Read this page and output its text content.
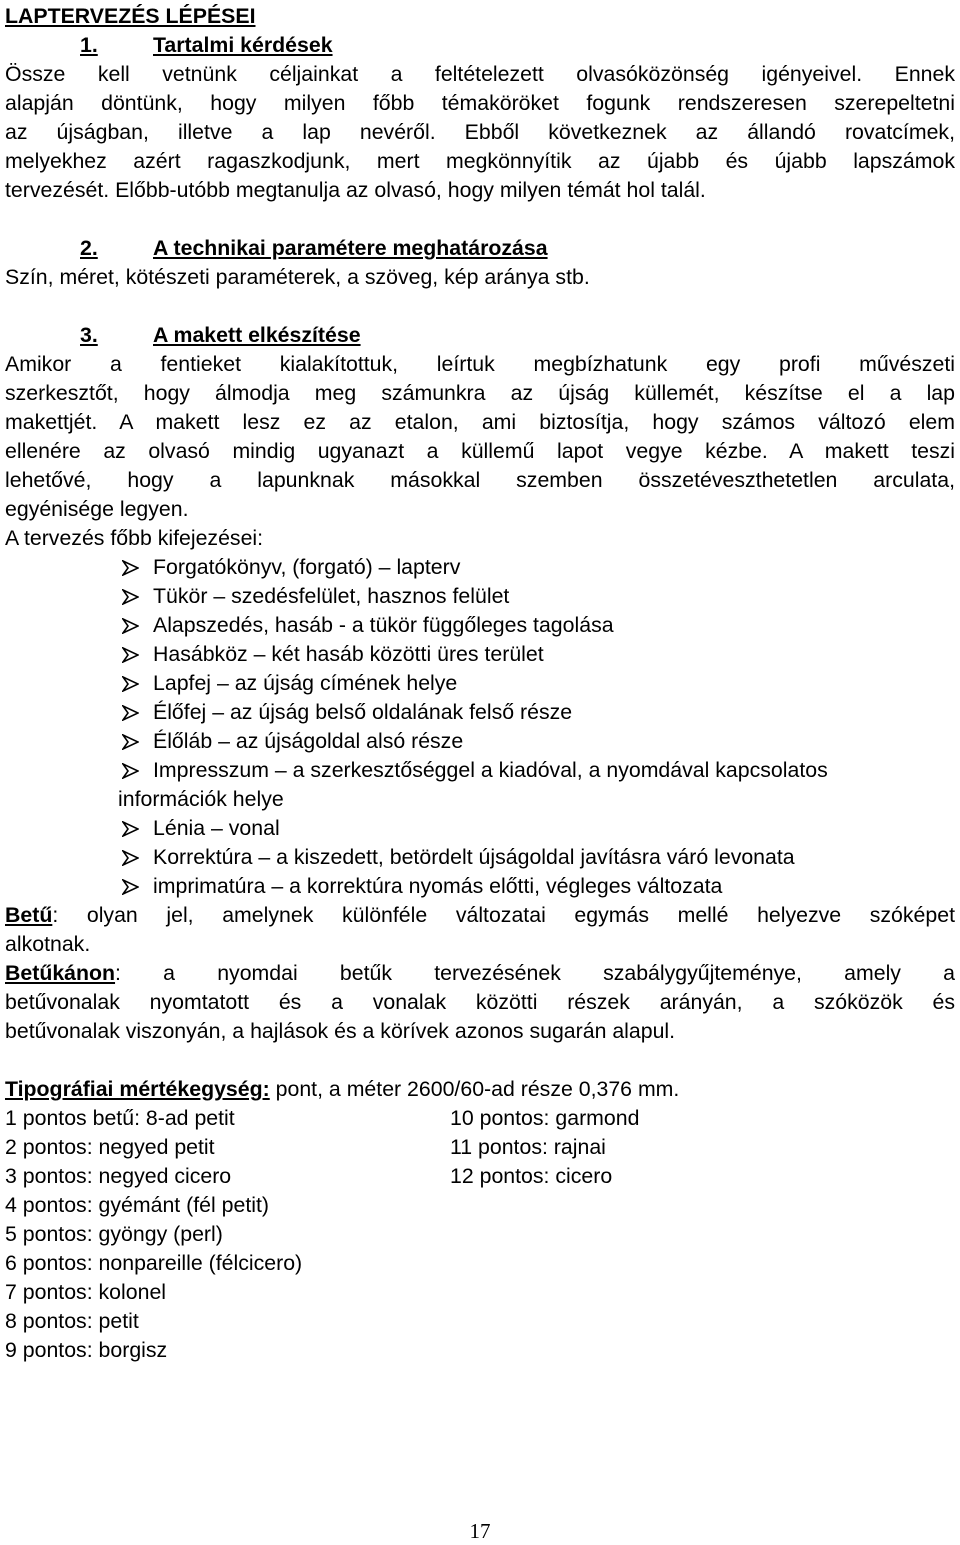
LAPTERVEZÉS LÉPÉSEI

1.	Tartalmi kérdések

Össze kell vetnünk céljainkat a feltételezett olvasóközönség igényeivel. Ennek
alapján döntünk, hogy milyen főbb témaköröket fogunk rendszeresen szerepeltetni
az újságban, illetve a lap nevéről. Ebből következnek az állandó rovatcímek,
melyekhez azért ragaszkodjunk, mert megkönnyítik az újabb és újabb lapszámok
tervezését. Előbb-utóbb megtanulja az olvasó, hogy milyen témát hol talál.

2.	A technikai paramétere meghatározása

Szín, méret, kötészeti paraméterek, a szöveg, kép aránya stb.

3.	A makett elkészítése

Amikor a fentieket kialakítottuk, leírtuk megbízhatunk egy profi művészeti
szerkesztőt, hogy álmodja meg számunkra az újság küllemét, készítse el a lap
makettjét. A makett lesz ez az etalon, ami biztosítja, hogy számos változó elem
ellenére az olvasó mindig ugyanazt a küllemű lapot vegye kézbe. A makett teszi
lehetővé, hogy a lapunknak másokkal szemben összetéveszthetetlen arculata,
egyénisége legyen.

A tervezés főbb kifejezései:

Forgatókönyv, (forgató) – lapterv
Tükör – szedésfelület, hasznos felület
Alapszedés, hasáb - a tükör függőleges tagolása
Hasábköz – két hasáb közötti üres terület
Lapfej – az újság címének helye
Élőfej – az újság belső oldalának felső része
Élőláb – az újságoldal alsó része
Impresszum – a szerkesztőséggel a kiadóval, a nyomdával kapcsolatos
információk helye
Lénia – vonal
Korrektúra – a kiszedett, betördelt újságoldal javításra váró levonata
imprimatúra – a korrektúra nyomás előtti, végleges változata
Betű: olyan jel, amelynek különféle változatai egymás mellé helyezve szóképet
alkotnak.
Betűkánon: a nyomdai betűk tervezésének szabálygyűjteménye, amely a
betűvonalak nyomtatott és a vonalak közötti részek arányán, a szóközök és
betűvonalak viszonyán, a hajlások és a körívek azonos sugarán alapul.

Tipográfiai mértékegység: pont, a méter 2600/60-ad része 0,376 mm.

1 pontos betű: 8-ad petit	10 pontos: garmond
2 pontos: negyed petit	11 pontos: rajnai
3 pontos: negyed cicero	12 pontos: cicero
4 pontos: gyémánt (fél petit)
5 pontos: gyöngy (perl)
6 pontos: nonpareille (félcicero)
7 pontos: kolonel
8 pontos: petit
9 pontos: borgisz
17
